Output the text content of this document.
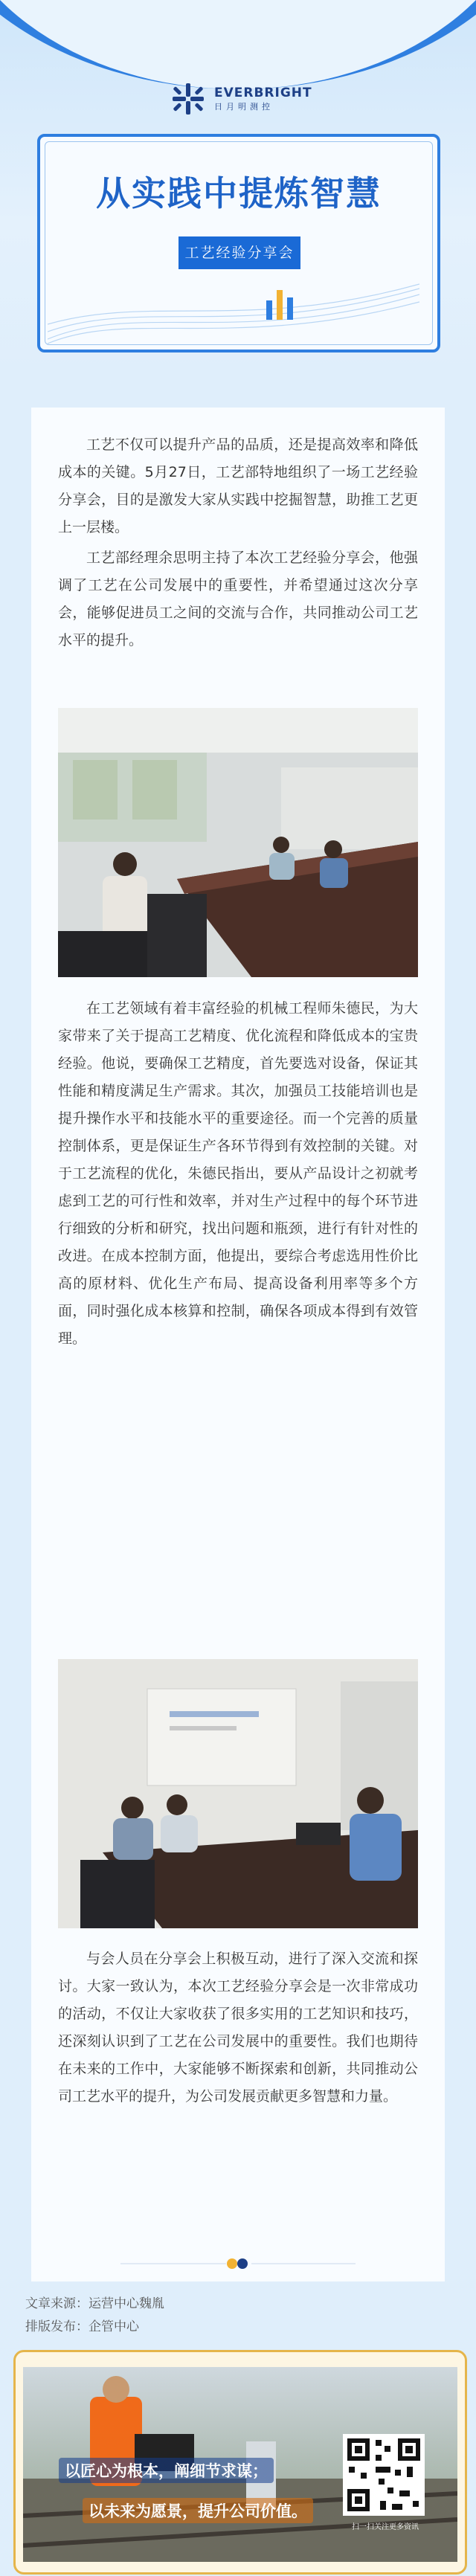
EVERBRIGHT
日月明测控
从实践中提炼智慧
工艺经验分享会

工艺不仅可以提升产品的品质，还是提高效率和降低成本的关键。5月27日，工艺部特地组织了一场工艺经验分享会，目的是激发大家从实践中挖掘智慧，助推工艺更上一层楼。

工艺部经理余思明主持了本次工艺经验分享会，他强调了工艺在公司发展中的重要性，并希望通过这次分享会，能够促进员工之间的交流与合作，共同推动公司工艺水平的提升。

在工艺领域有着丰富经验的机械工程师朱德民，为大家带来了关于提高工艺精度、优化流程和降低成本的宝贵经验。他说，要确保工艺精度，首先要选对设备，保证其性能和精度满足生产需求。其次，加强员工技能培训也是提升操作水平和技能水平的重要途径。而一个完善的质量控制体系，更是保证生产各环节得到有效控制的关键。对于工艺流程的优化，朱德民指出，要从产品设计之初就考虑到工艺的可行性和效率，并对生产过程中的每个环节进行细致的分析和研究，找出问题和瓶颈，进行有针对性的改进。在成本控制方面，他提出，要综合考虑选用性价比高的原材料、优化生产布局、提高设备利用率等多个方面，同时强化成本核算和控制，确保各项成本得到有效管理。

与会人员在分享会上积极互动，进行了深入交流和探讨。大家一致认为，本次工艺经验分享会是一次非常成功的活动，不仅让大家收获了很多实用的工艺知识和技巧，还深刻认识到了工艺在公司发展中的重要性。我们也期待在未来的工作中，大家能够不断探索和创新，共同推动公司工艺水平的提升，为公司发展贡献更多智慧和力量。

文章来源：运营中心魏胤
排版发布：企管中心
以匠心为根本，阐细节求谋；
以未来为愿景，提升公司价值。
扫一扫关注更多资讯
